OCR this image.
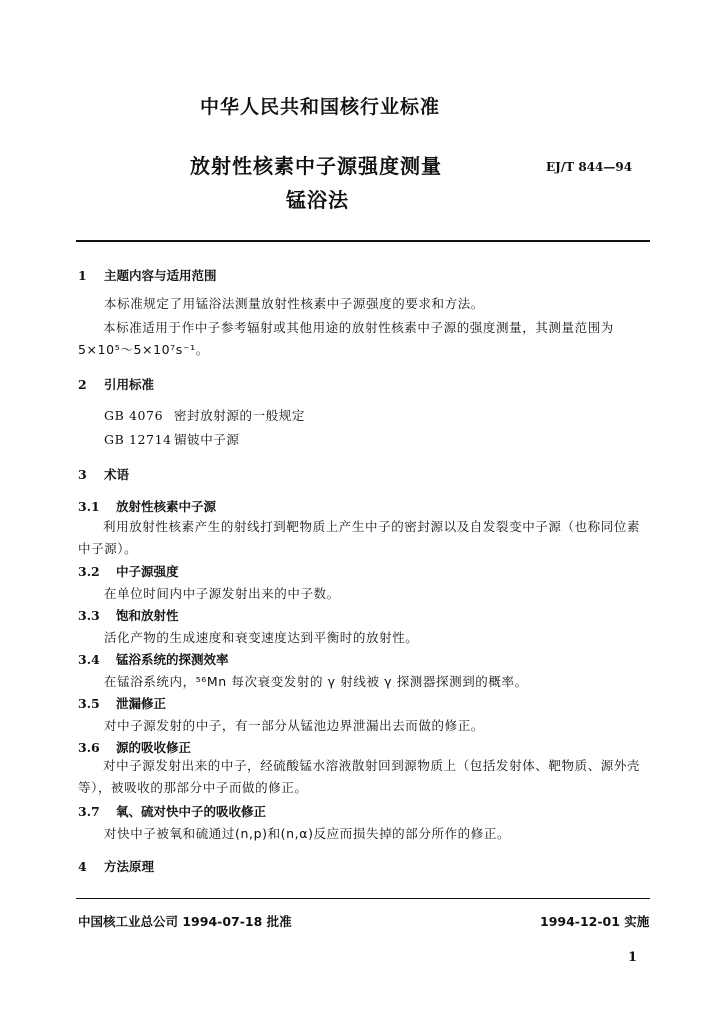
中华人民共和国核行业标准
放射性核素中子源强度测量
锰浴法
EJ/T 844—94
1 主题内容与适用范围
本标准规定了用锰浴法测量放射性核素中子源强度的要求和方法。
本标准适用于作中子参考辐射或其他用途的放射性核素中子源的强度测量，其测量范围为 5×10⁵～5×10⁷s⁻¹。
2 引用标准
GB 4076 密封放射源的一般规定
GB 12714 镅铍中子源
3 术语
3.1 放射性核素中子源
利用放射性核素产生的射线打到靶物质上产生中子的密封源以及自发裂变中子源（也称同位素中子源）。
3.2 中子源强度
在单位时间内中子源发射出来的中子数。
3.3 饱和放射性
活化产物的生成速度和衰变速度达到平衡时的放射性。
3.4 锰浴系统的探测效率
在锰浴系统内，⁵⁶Mn 每次衰变发射的 γ 射线被 γ 探测器探测到的概率。
3.5 泄漏修正
对中子源发射的中子，有一部分从锰池边界泄漏出去而做的修正。
3.6 源的吸收修正
对中子源发射出来的中子，经硫酸锰水溶液散射回到源物质上（包括发射体、靶物质、源外壳等），被吸收的那部分中子而做的修正。
3.7 氧、硫对快中子的吸收修正
对快中子被氧和硫通过(n,p)和(n,α)反应而损失掉的部分所作的修正。
4 方法原理
中国核工业总公司 1994-07-18 批准	1994-12-01 实施
1
